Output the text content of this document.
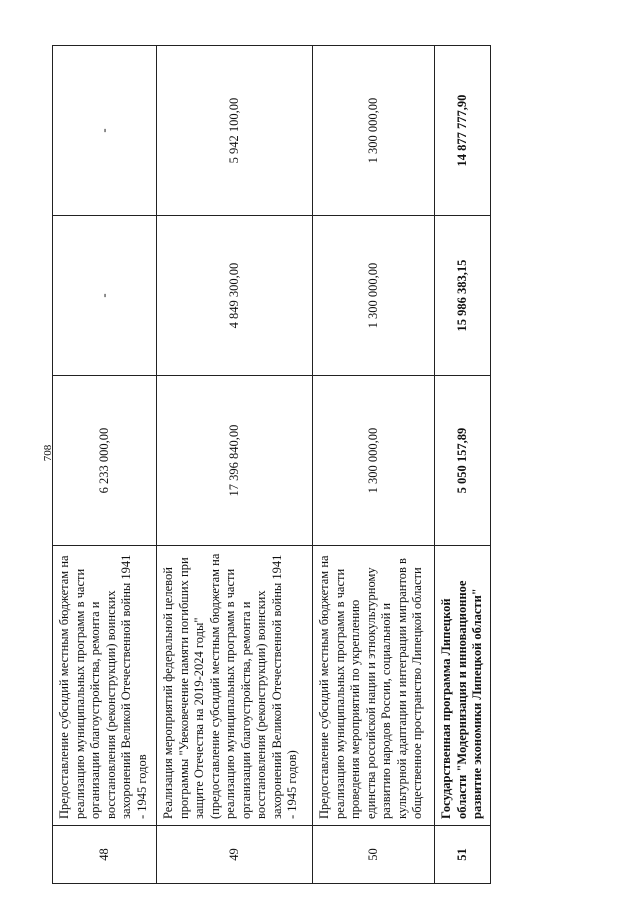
708
48	Предоставление субсидий местным бюджетам на реализацию муниципальных программ в части организации благоустройства, ремонта и восстановления (реконструкции) воинских захоронений Великой Отечественной войны 1941 - 1945 годов	6 233 000,00	-	-
49	Реализация мероприятий федеральной целевой программы "Увековечение памяти погибших при защите Отечества на 2019-2024 годы" (предоставление субсидий местным бюджетам на реализацию муниципальных программ в части организации благоустройства, ремонта и восстановления (реконструкции) воинских захоронений Великой Отечественной войны 1941 - 1945 годов)	17 396 840,00	4 849 300,00	5 942 100,00
50	Предоставление субсидий местным бюджетам на реализацию муниципальных программ в части проведения мероприятий по укреплению единства российской нации и этнокультурному развитию народов России, социальной и культурной адаптации и интеграции мигрантов в общественное пространство Липецкой области	1 300 000,00	1 300 000,00	1 300 000,00
51	Государственная программа Липецкой области "Модернизация и инновационное развитие экономики Липецкой области"	5 050 157,89	15 986 383,15	14 877 777,90
